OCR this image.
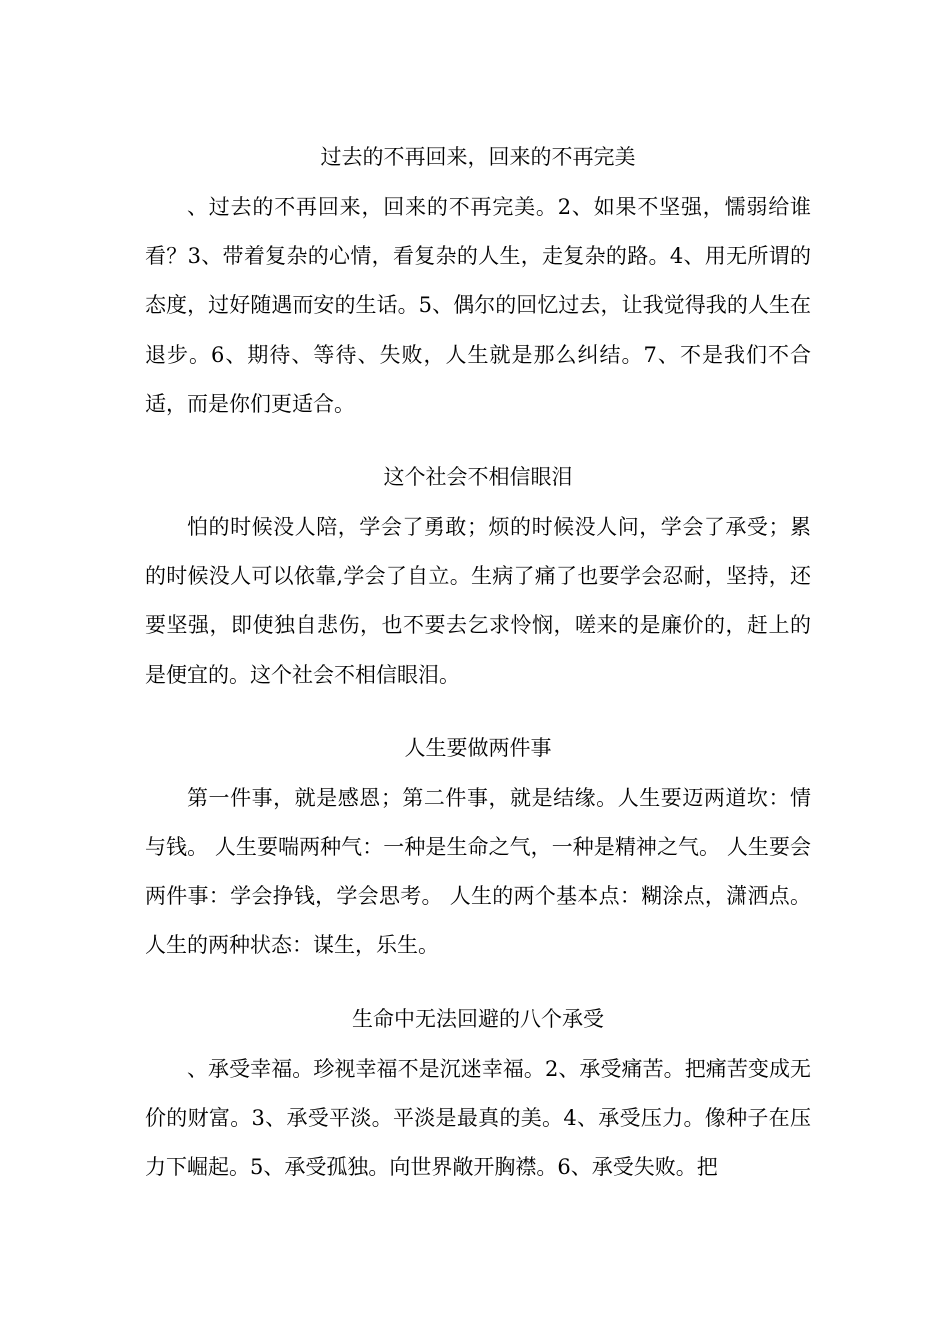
过去的不再回来，回来的不再完美

、过去的不再回来，回来的不再完美。2、如果不坚强，懦弱给谁看？3、带着复杂的心情，看复杂的人生，走复杂的路。4、用无所谓的态度，过好随遇而安的生话。5、偶尔的回忆过去，让我觉得我的人生在退步。6、期待、等待、失败，人生就是那么纠结。7、不是我们不合适，而是你们更适合。

这个社会不相信眼泪

怕的时候没人陪，学会了勇敢；烦的时候没人问，学会了承受；累的时候没人可以依靠,学会了自立。生病了痛了也要学会忍耐，坚持，还要坚强，即使独自悲伤，也不要去乞求怜悯，嗟来的是廉价的，赶上的是便宜的。这个社会不相信眼泪。

人生要做两件事

第一件事，就是感恩；第二件事，就是结缘。人生要迈两道坎：情与钱。 人生要喘两种气：一种是生命之气，一种是精神之气。 人生要会两件事：学会挣钱，学会思考。 人生的两个基本点：糊涂点，潇洒点。 人生的两种状态：谋生，乐生。

生命中无法回避的八个承受

、承受幸福。珍视幸福不是沉迷幸福。2、承受痛苦。把痛苦变成无价的财富。3、承受平淡。平淡是最真的美。4、承受压力。像种子在压力下崛起。5、承受孤独。向世界敞开胸襟。6、承受失败。把
